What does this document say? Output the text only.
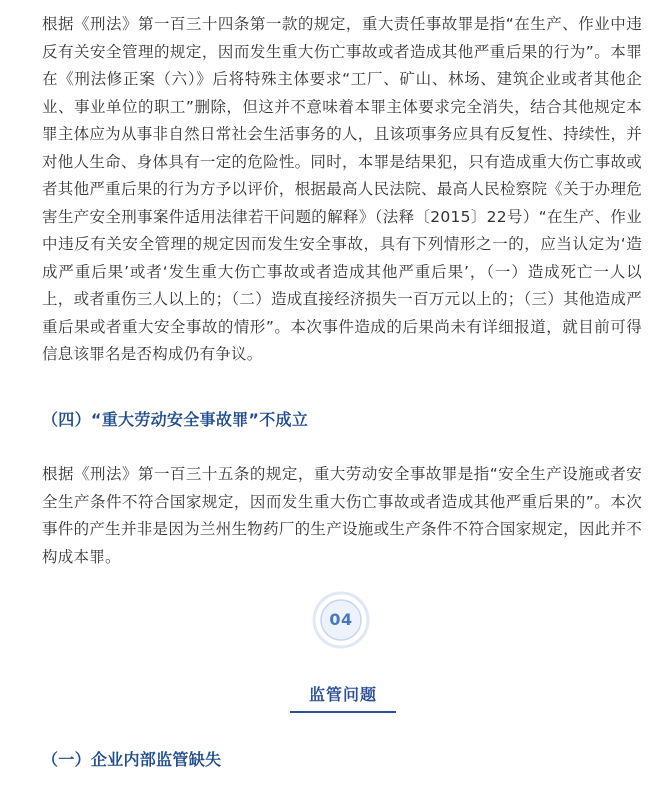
根据《刑法》第一百三十四条第一款的规定，重大责任事故罪是指“在生产、作业中违反有关安全管理的规定，因而发生重大伤亡事故或者造成其他严重后果的行为”。本罪在《刑法修正案（六）》后将特殊主体要求“工厂、矿山、林场、建筑企业或者其他企业、事业单位的职工”删除，但这并不意味着本罪主体要求完全消失，结合其他规定本罪主体应为从事非自然日常社会生活事务的人，且该项事务应具有反复性、持续性，并对他人生命、身体具有一定的危险性。同时，本罪是结果犯，只有造成重大伤亡事故或者其他严重后果的行为方予以评价，根据最高人民法院、最高人民检察院《关于办理危害生产安全刑事案件适用法律若干问题的解释》（法释〔2015〕22号）“在生产、作业中违反有关安全管理的规定因而发生安全事故，具有下列情形之一的，应当认定为‘造成严重后果’或者‘发生重大伤亡事故或者造成其他严重后果’，（一）造成死亡一人以上，或者重伤三人以上的；（二）造成直接经济损失一百万元以上的；（三）其他造成严重后果或者重大安全事故的情形”。本次事件造成的后果尚未有详细报道，就目前可得信息该罪名是否构成仍有争议。

（四）“重大劳动安全事故罪”不成立

根据《刑法》第一百三十五条的规定，重大劳动安全事故罪是指“安全生产设施或者安全生产条件不符合国家规定，因而发生重大伤亡事故或者造成其他严重后果的”。本次事件的产生并非是因为兰州生物药厂的生产设施或生产条件不符合国家规定，因此并不构成本罪。

04
监管问题
（一）企业内部监管缺失
